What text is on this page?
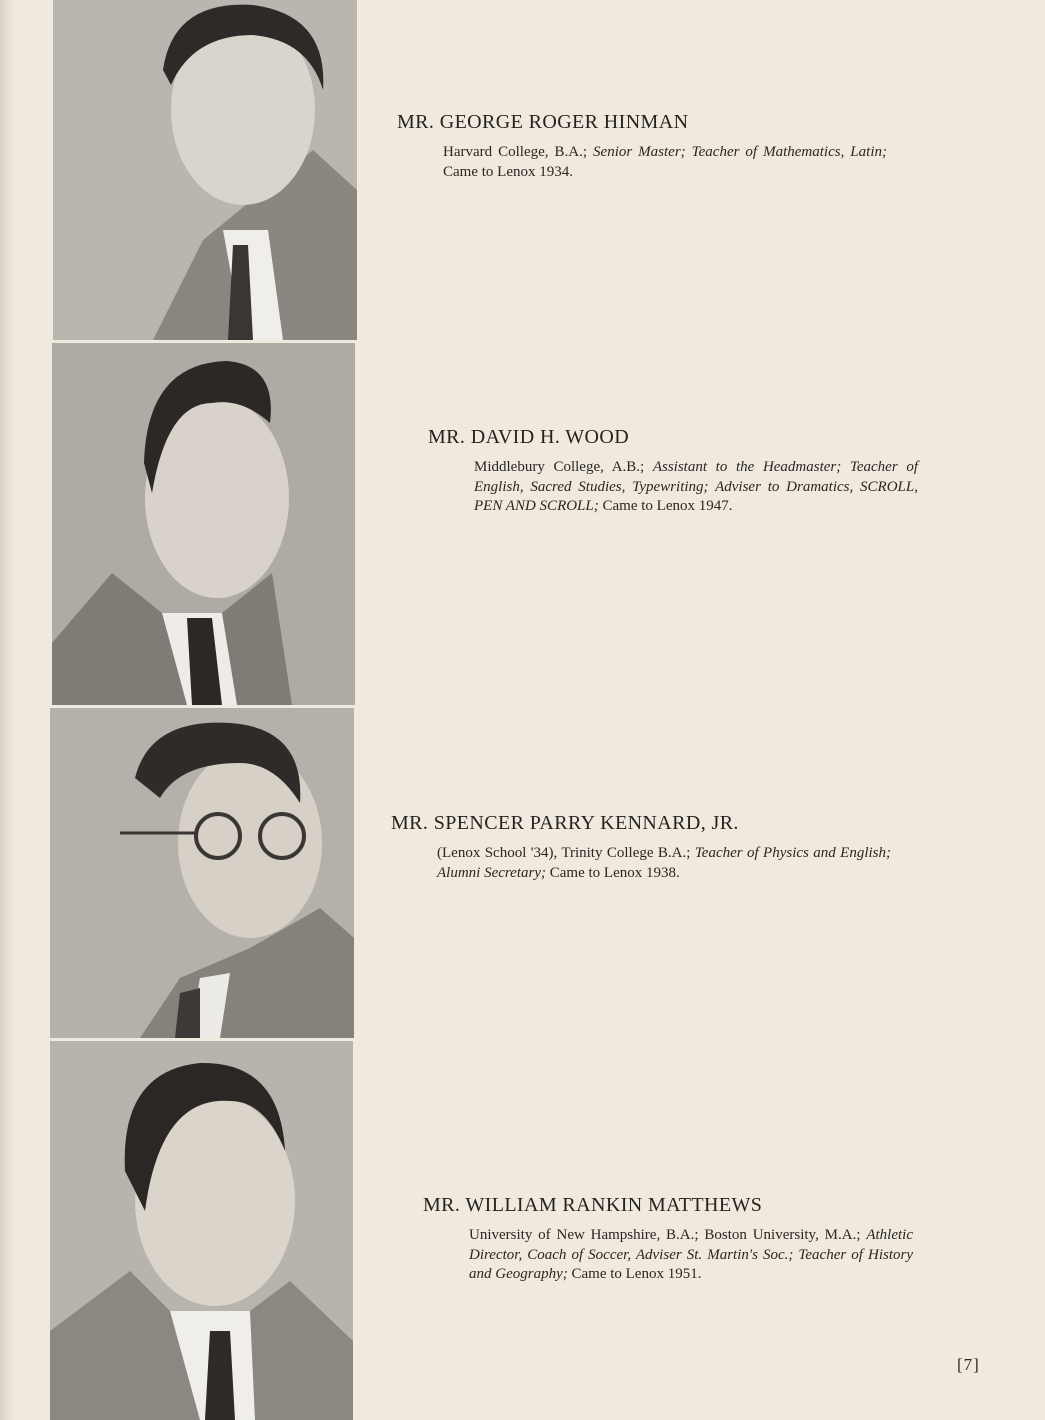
MR. GEORGE ROGER HINMAN
Harvard College, B.A.; Senior Master; Teacher of Mathematics, Latin; Came to Lenox 1934.
MR. DAVID H. WOOD
Middlebury College, A.B.; Assistant to the Headmaster; Teacher of English, Sacred Studies, Typewriting; Adviser to Dramatics, SCROLL, PEN AND SCROLL; Came to Lenox 1947.
MR. SPENCER PARRY KENNARD, JR.
(Lenox School '34), Trinity College B.A.; Teacher of Physics and English; Alumni Secretary; Came to Lenox 1938.
MR. WILLIAM RANKIN MATTHEWS
University of New Hampshire, B.A.; Boston University, M.A.; Athletic Director, Coach of Soccer, Adviser St. Martin's Soc.; Teacher of History and Geography; Came to Lenox 1951.
[7]
